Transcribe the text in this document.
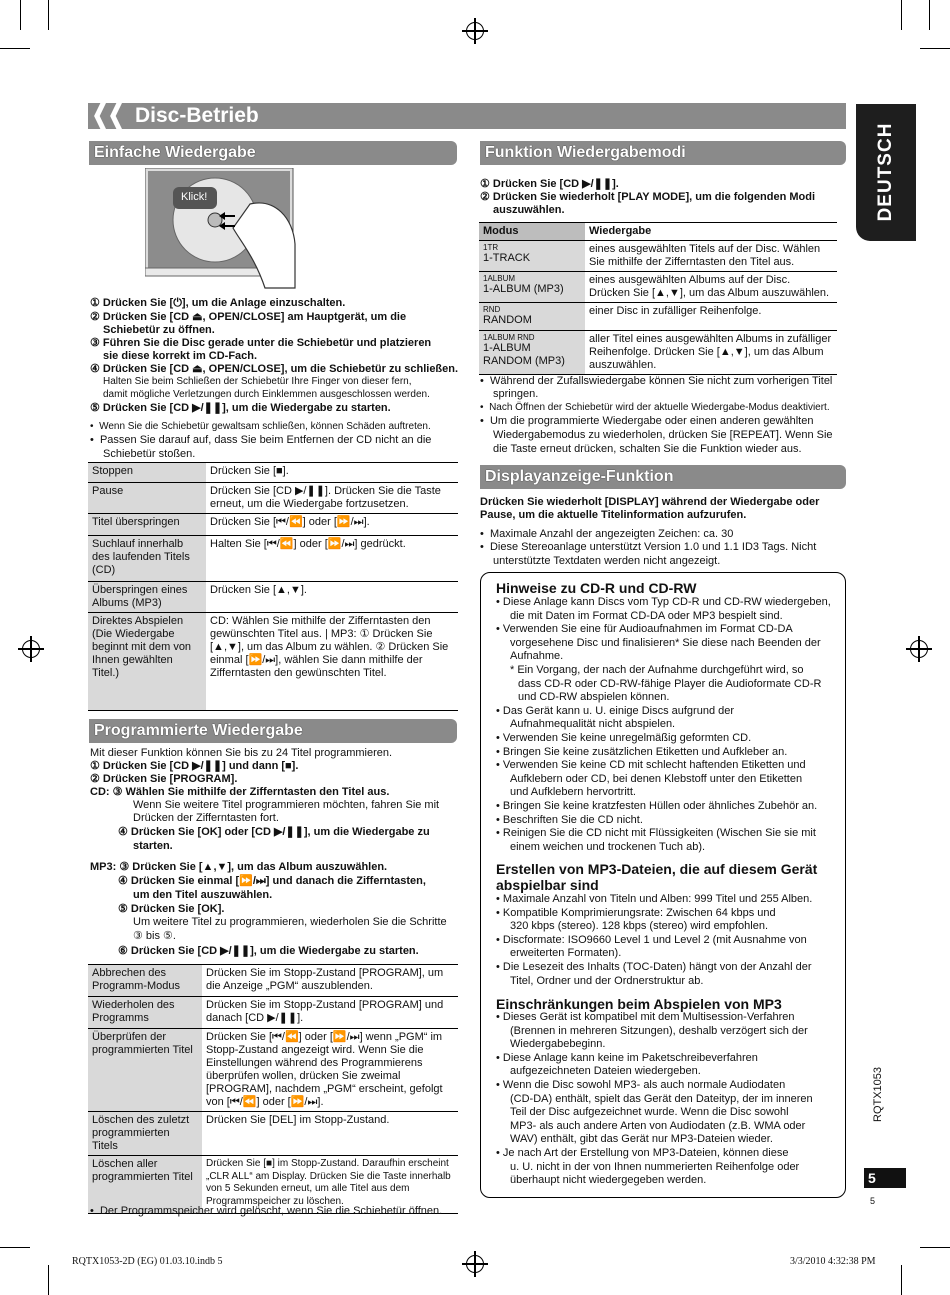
Disc-Betrieb
DEUTSCH
Einfache Wiedergabe
Klick!
① Drücken Sie [⏻], um die Anlage einzuschalten.
② Drücken Sie [CD ⏏, OPEN/CLOSE] am Hauptgerät, um die
Schiebetür zu öffnen.
③ Führen Sie die Disc gerade unter die Schiebetür und platzieren
sie diese korrekt im CD-Fach.
④ Drücken Sie [CD ⏏, OPEN/CLOSE], um die Schiebetür zu schließen.
Halten Sie beim Schließen der Schiebetür Ihre Finger von dieser fern,
damit mögliche Verletzungen durch Einklemmen ausgeschlossen werden.
⑤ Drücken Sie [CD ▶/❚❚], um die Wiedergabe zu starten.
•  Wenn Sie die Schiebetür gewaltsam schließen, können Schäden auftreten.
•  Passen Sie darauf auf, dass Sie beim Entfernen der CD nicht an die
Schiebetür stoßen.
Stoppen	Drücken Sie [■].
Pause	Drücken Sie [CD ▶/❚❚]. Drücken Sie die Taste erneut, um die Wiedergabe fortzusetzen.
Titel überspringen	Drücken Sie [⏮/⏪] oder [⏩/⏭].
Suchlauf innerhalb des laufenden Titels (CD)	Halten Sie [⏮/⏪] oder [⏩/⏭] gedrückt.
Überspringen eines Albums (MP3)	Drücken Sie [▲,▼].
Direktes Abspielen (Die Wiedergabe beginnt mit dem von Ihnen gewählten Titel.)	CD: Wählen Sie mithilfe der Zifferntasten den gewünschten Titel aus. | MP3: ① Drücken Sie [▲,▼], um das Album zu wählen. ② Drücken Sie einmal [⏩/⏭], wählen Sie dann mithilfe der Zifferntasten den gewünschten Titel.
Programmierte Wiedergabe
Mit dieser Funktion können Sie bis zu 24 Titel programmieren.
① Drücken Sie [CD ▶/❚❚] und dann [■].
② Drücken Sie [PROGRAM].
CD: ③ Wählen Sie mithilfe der Zifferntasten den Titel aus.
Wenn Sie weitere Titel programmieren möchten, fahren Sie mit
Drücken der Zifferntasten fort.
④ Drücken Sie [OK] oder [CD ▶/❚❚], um die Wiedergabe zu
starten.
MP3: ③ Drücken Sie [▲,▼], um das Album auszuwählen.
④ Drücken Sie einmal [⏩/⏭] und danach die Zifferntasten,
um den Titel auszuwählen.
⑤ Drücken Sie [OK].
Um weitere Titel zu programmieren, wiederholen Sie die Schritte
③ bis ⑤.
⑥ Drücken Sie [CD ▶/❚❚], um die Wiedergabe zu starten.
Abbrechen des Programm-Modus	Drücken Sie im Stopp-Zustand [PROGRAM], um die Anzeige „PGM“ auszublenden.
Wiederholen des Programms	Drücken Sie im Stopp-Zustand [PROGRAM] und danach [CD ▶/❚❚].
Überprüfen der programmierten Titel	Drücken Sie [⏮/⏪] oder [⏩/⏭] wenn „PGM“ im Stopp-Zustand angezeigt wird. Wenn Sie die Einstellungen während des Programmierens überprüfen wollen, drücken Sie zweimal [PROGRAM], nachdem „PGM“ erscheint, gefolgt von [⏮/⏪] oder [⏩/⏭].
Löschen des zuletzt programmierten Titels	Drücken Sie [DEL] im Stopp-Zustand.
Löschen aller programmierten Titel	Drücken Sie [■] im Stopp-Zustand. Daraufhin erscheint „CLR ALL“ am Display. Drücken Sie die Taste innerhalb von 5 Sekunden erneut, um alle Titel aus dem Programmspeicher zu löschen.
•  Der Programmspeicher wird gelöscht, wenn Sie die Schiebetür öffnen.
Funktion Wiedergabemodi
① Drücken Sie [CD ▶/❚❚].
② Drücken Sie wiederholt [PLAY MODE], um die folgenden Modi
auszuwählen.
Modus	Wiedergabe

1TR
1-TRACK	eines ausgewählten Titels auf der Disc. Wählen Sie mithilfe der Zifferntasten den Titel aus.

1ALBUM
1-ALBUM (MP3)	eines ausgewählten Albums auf der Disc. Drücken Sie [▲,▼], um das Album auszuwählen.

RND
RANDOM	einer Disc in zufälliger Reihenfolge.

1ALBUM RND
1-ALBUM RANDOM (MP3)	aller Titel eines ausgewählten Albums in zufälliger Reihenfolge. Drücken Sie [▲,▼], um das Album auszuwählen.
•  Während der Zufallswiedergabe können Sie nicht zum vorherigen Titel
springen.
•  Nach Öffnen der Schiebetür wird der aktuelle Wiedergabe-Modus deaktiviert.
•  Um die programmierte Wiedergabe oder einen anderen gewählten
Wiedergabemodus zu wiederholen, drücken Sie [REPEAT]. Wenn Sie
die Taste erneut drücken, schalten Sie die Funktion wieder aus.
Displayanzeige-Funktion
Drücken Sie wiederholt [DISPLAY] während der Wiedergabe oder
Pause, um die aktuelle Titelinformation aufzurufen.
•  Maximale Anzahl der angezeigten Zeichen: ca. 30
•  Diese Stereoanlage unterstützt Version 1.0 und 1.1 ID3 Tags. Nicht
unterstützte Textdaten werden nicht angezeigt.
Hinweise zu CD-R und CD-RW
• Diese Anlage kann Discs vom Typ CD-R und CD-RW wiedergeben,
die mit Daten im Format CD-DA oder MP3 bespielt sind.
• Verwenden Sie eine für Audioaufnahmen im Format CD-DA
vorgesehene Disc und finalisieren* Sie diese nach Beenden der
Aufnahme.
* Ein Vorgang, der nach der Aufnahme durchgeführt wird, so
dass CD-R oder CD-RW-fähige Player die Audioformate CD-R
und CD-RW abspielen können.
• Das Gerät kann u. U. einige Discs aufgrund der
Aufnahmequalität nicht abspielen.
• Verwenden Sie keine unregelmäßig geformten CD.
• Bringen Sie keine zusätzlichen Etiketten und Aufkleber an.
• Verwenden Sie keine CD mit schlecht haftenden Etiketten und
Aufklebern oder CD, bei denen Klebstoff unter den Etiketten
und Aufklebern hervortritt.
• Bringen Sie keine kratzfesten Hüllen oder ähnliches Zubehör an.
• Beschriften Sie die CD nicht.
• Reinigen Sie die CD nicht mit Flüssigkeiten (Wischen Sie sie mit
einem weichen und trockenen Tuch ab).
Erstellen von MP3-Dateien, die auf diesem Gerät
abspielbar sind
• Maximale Anzahl von Titeln und Alben: 999 Titel und 255 Alben.
• Kompatible Komprimierungsrate: Zwischen 64 kbps und
320 kbps (stereo). 128 kbps (stereo) wird empfohlen.
• Discformate: ISO9660 Level 1 und Level 2 (mit Ausnahme von
erweiterten Formaten).
• Die Lesezeit des Inhalts (TOC-Daten) hängt von der Anzahl der
Titel, Ordner und der Ordnerstruktur ab.
Einschränkungen beim Abspielen von MP3
• Dieses Gerät ist kompatibel mit dem Multisession-Verfahren
(Brennen in mehreren Sitzungen), deshalb verzögert sich der
Wiedergabebeginn.
• Diese Anlage kann keine im Paketschreibeverfahren
aufgezeichneten Dateien wiedergeben.
• Wenn die Disc sowohl MP3- als auch normale Audiodaten
(CD-DA) enthält, spielt das Gerät den Dateityp, der im inneren
Teil der Disc aufgezeichnet wurde. Wenn die Disc sowohl
MP3- als auch andere Arten von Audiodaten (z.B. WMA oder
WAV) enthält, gibt das Gerät nur MP3-Dateien wieder.
• Je nach Art der Erstellung von MP3-Dateien, können diese
u. U. nicht in der von Ihnen nummerierten Reihenfolge oder
überhaupt nicht wiedergegeben werden.
RQTX1053
5
5
RQTX1053-2D (EG) 01.03.10.indb 5	3/3/2010 4:32:38 PM
